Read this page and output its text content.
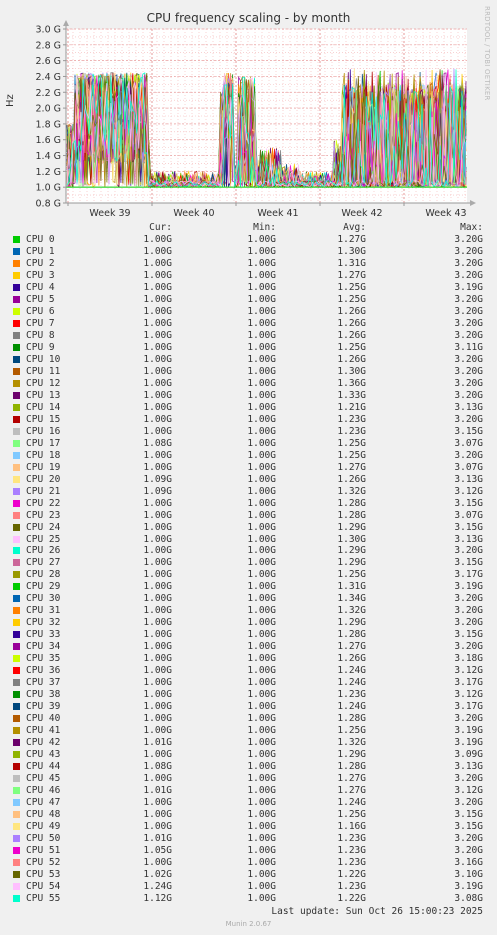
CPU frequency scaling - by month	RRDTOOL / TOBI OETIKER
Hz
3.0 G
2.8 G
2.6 G
2.4 G
2.2 G
2.0 G
1.8 G
1.6 G
1.4 G
1.2 G
1.0 G
0.8 G
Week 39	Week 40	Week 41	Week 42	Week 43
Cur:	Min:	Avg:	Max:
CPU 0	1.00G	1.00G	1.27G	3.20G
CPU 1	1.00G	1.00G	1.30G	3.20G
CPU 2	1.00G	1.00G	1.31G	3.20G
CPU 3	1.00G	1.00G	1.27G	3.20G
CPU 4	1.00G	1.00G	1.25G	3.19G
CPU 5	1.00G	1.00G	1.25G	3.20G
CPU 6	1.00G	1.00G	1.26G	3.20G
CPU 7	1.00G	1.00G	1.26G	3.20G
CPU 8	1.00G	1.00G	1.26G	3.20G
CPU 9	1.00G	1.00G	1.25G	3.11G
CPU 10	1.00G	1.00G	1.26G	3.20G
CPU 11	1.00G	1.00G	1.30G	3.20G
CPU 12	1.00G	1.00G	1.36G	3.20G
CPU 13	1.00G	1.00G	1.33G	3.20G
CPU 14	1.00G	1.00G	1.21G	3.13G
CPU 15	1.00G	1.00G	1.23G	3.20G
CPU 16	1.00G	1.00G	1.23G	3.15G
CPU 17	1.08G	1.00G	1.25G	3.07G
CPU 18	1.00G	1.00G	1.25G	3.20G
CPU 19	1.00G	1.00G	1.27G	3.07G
CPU 20	1.09G	1.00G	1.26G	3.13G
CPU 21	1.09G	1.00G	1.32G	3.12G
CPU 22	1.00G	1.00G	1.28G	3.15G
CPU 23	1.00G	1.00G	1.28G	3.07G
CPU 24	1.00G	1.00G	1.29G	3.15G
CPU 25	1.00G	1.00G	1.30G	3.13G
CPU 26	1.00G	1.00G	1.29G	3.20G
CPU 27	1.00G	1.00G	1.29G	3.15G
CPU 28	1.00G	1.00G	1.25G	3.17G
CPU 29	1.00G	1.00G	1.31G	3.19G
CPU 30	1.00G	1.00G	1.34G	3.20G
CPU 31	1.00G	1.00G	1.32G	3.20G
CPU 32	1.00G	1.00G	1.29G	3.20G
CPU 33	1.00G	1.00G	1.28G	3.15G
CPU 34	1.00G	1.00G	1.27G	3.20G
CPU 35	1.00G	1.00G	1.26G	3.18G
CPU 36	1.00G	1.00G	1.24G	3.12G
CPU 37	1.00G	1.00G	1.24G	3.17G
CPU 38	1.00G	1.00G	1.23G	3.12G
CPU 39	1.00G	1.00G	1.24G	3.17G
CPU 40	1.00G	1.00G	1.28G	3.20G
CPU 41	1.00G	1.00G	1.25G	3.19G
CPU 42	1.01G	1.00G	1.32G	3.19G
CPU 43	1.00G	1.00G	1.29G	3.09G
CPU 44	1.08G	1.00G	1.28G	3.13G
CPU 45	1.00G	1.00G	1.27G	3.20G
CPU 46	1.01G	1.00G	1.27G	3.12G
CPU 47	1.00G	1.00G	1.24G	3.20G
CPU 48	1.00G	1.00G	1.25G	3.15G
CPU 49	1.00G	1.00G	1.16G	3.15G
CPU 50	1.01G	1.00G	1.23G	3.20G
CPU 51	1.05G	1.00G	1.23G	3.20G
CPU 52	1.00G	1.00G	1.23G	3.16G
CPU 53	1.02G	1.00G	1.22G	3.10G
CPU 54	1.24G	1.00G	1.23G	3.19G
CPU 55	1.12G	1.00G	1.22G	3.08G
Last update: Sun Oct 26 15:00:23 2025
Munin 2.0.67
